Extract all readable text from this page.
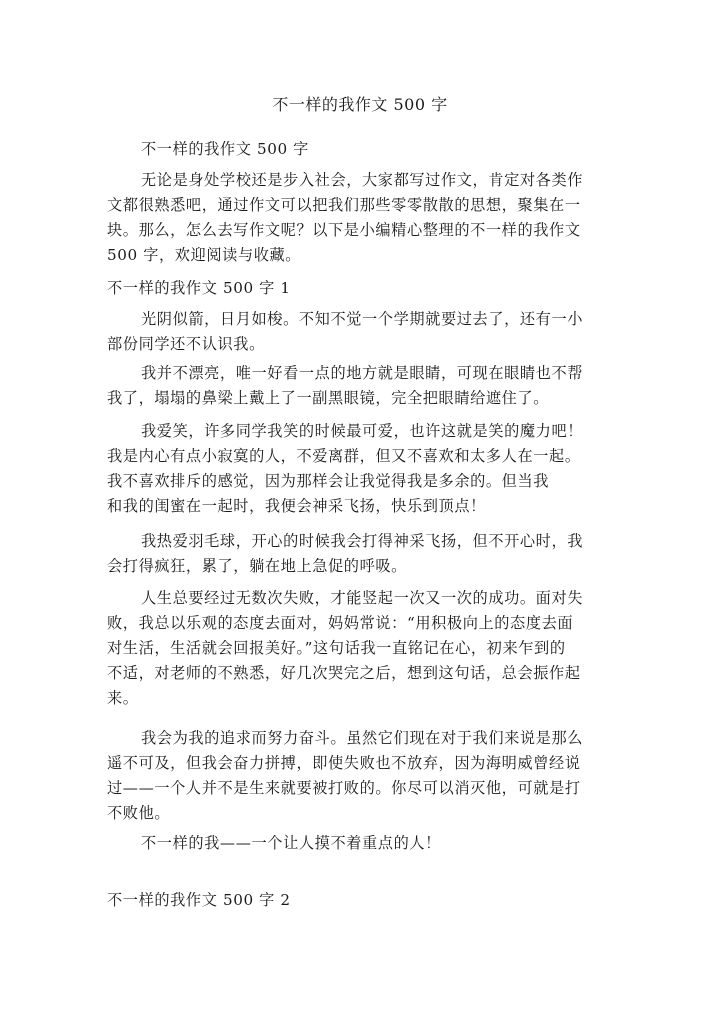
不一样的我作文 500 字
不一样的我作文 500 字
无论是身处学校还是步入社会，大家都写过作文，肯定对各类作
文都很熟悉吧，通过作文可以把我们那些零零散散的思想，聚集在一
块。那么，怎么去写作文呢？以下是小编精心整理的不一样的我作文
500 字，欢迎阅读与收藏。
不一样的我作文 500 字 1
光阴似箭，日月如梭。不知不觉一个学期就要过去了，还有一小
部份同学还不认识我。
我并不漂亮，唯一好看一点的地方就是眼睛，可现在眼睛也不帮
我了，塌塌的鼻梁上戴上了一副黑眼镜，完全把眼睛给遮住了。
我爱笑，许多同学我笑的时候最可爱，也许这就是笑的魔力吧！
我是内心有点小寂寞的人，不爱离群，但又不喜欢和太多人在一起。
我不喜欢排斥的感觉，因为那样会让我觉得我是多余的。但当我
和我的闺蜜在一起时，我便会神采飞扬，快乐到顶点！
我热爱羽毛球，开心的时候我会打得神采飞扬，但不开心时，我
会打得疯狂，累了，躺在地上急促的呼吸。
人生总要经过无数次失败，才能竖起一次又一次的成功。面对失
败，我总以乐观的态度去面对，妈妈常说：“用积极向上的态度去面
对生活，生活就会回报美好。”这句话我一直铭记在心，初来乍到的
不适，对老师的不熟悉，好几次哭完之后，想到这句话，总会振作起
来。
我会为我的追求而努力奋斗。虽然它们现在对于我们来说是那么
遥不可及，但我会奋力拼搏，即使失败也不放弃，因为海明威曾经说
过——一个人并不是生来就要被打败的。你尽可以消灭他，可就是打
不败他。
不一样的我——一个让人摸不着重点的人！
不一样的我作文 500 字 2
